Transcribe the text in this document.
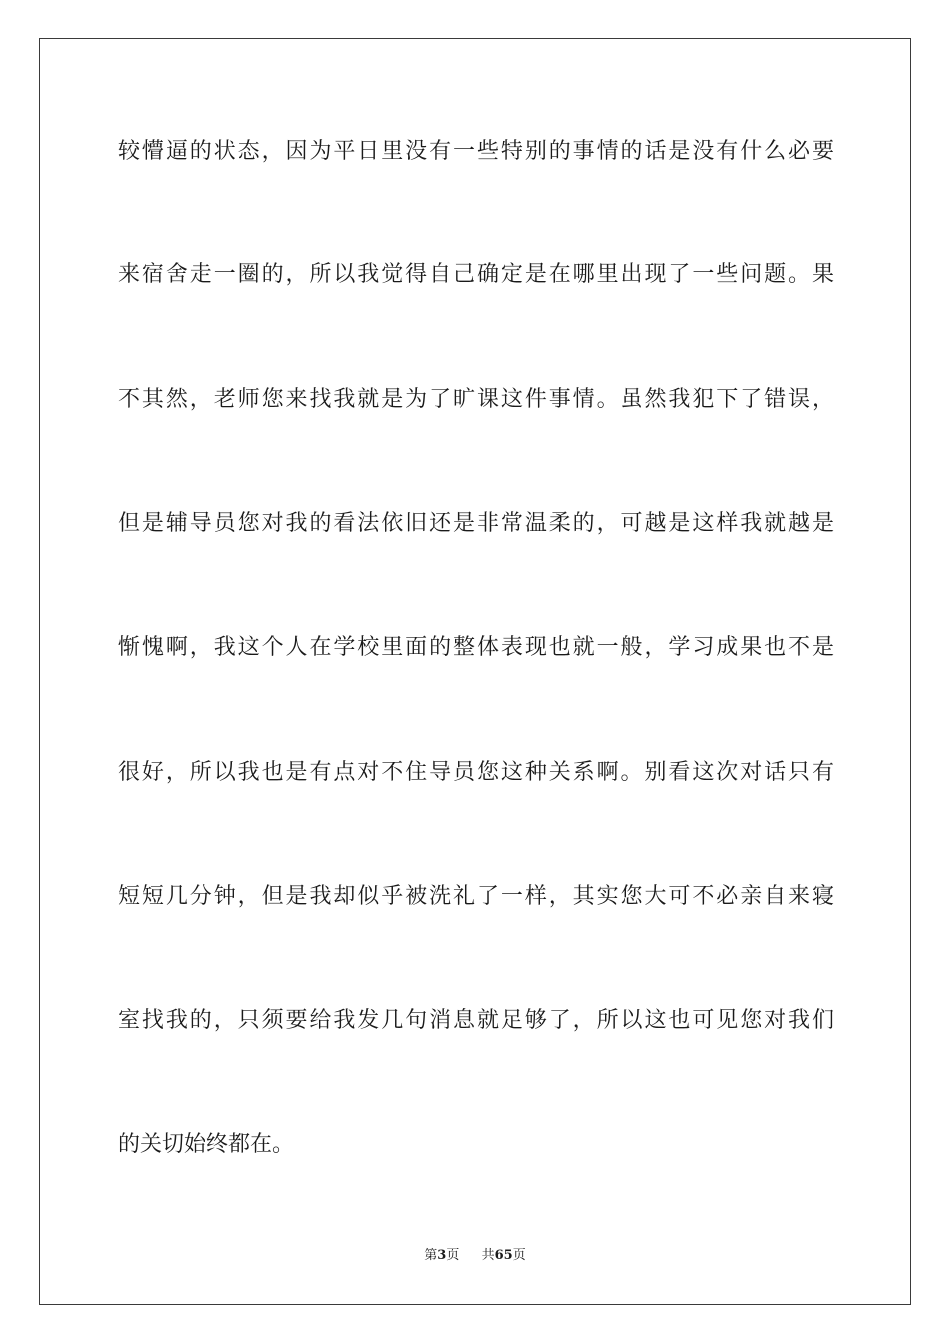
较懵逼的状态，因为平日里没有一些特别的事情的话是没有什么必要
来宿舍走一圈的，所以我觉得自己确定是在哪里出现了一些问题。果
不其然，老师您来找我就是为了旷课这件事情。虽然我犯下了错误，
但是辅导员您对我的看法依旧还是非常温柔的，可越是这样我就越是
惭愧啊，我这个人在学校里面的整体表现也就一般，学习成果也不是
很好，所以我也是有点对不住导员您这种关系啊。别看这次对话只有
短短几分钟，但是我却似乎被洗礼了一样，其实您大可不必亲自来寝
室找我的，只须要给我发几句消息就足够了，所以这也可见您对我们
的关切始终都在。
第3页 共65页
